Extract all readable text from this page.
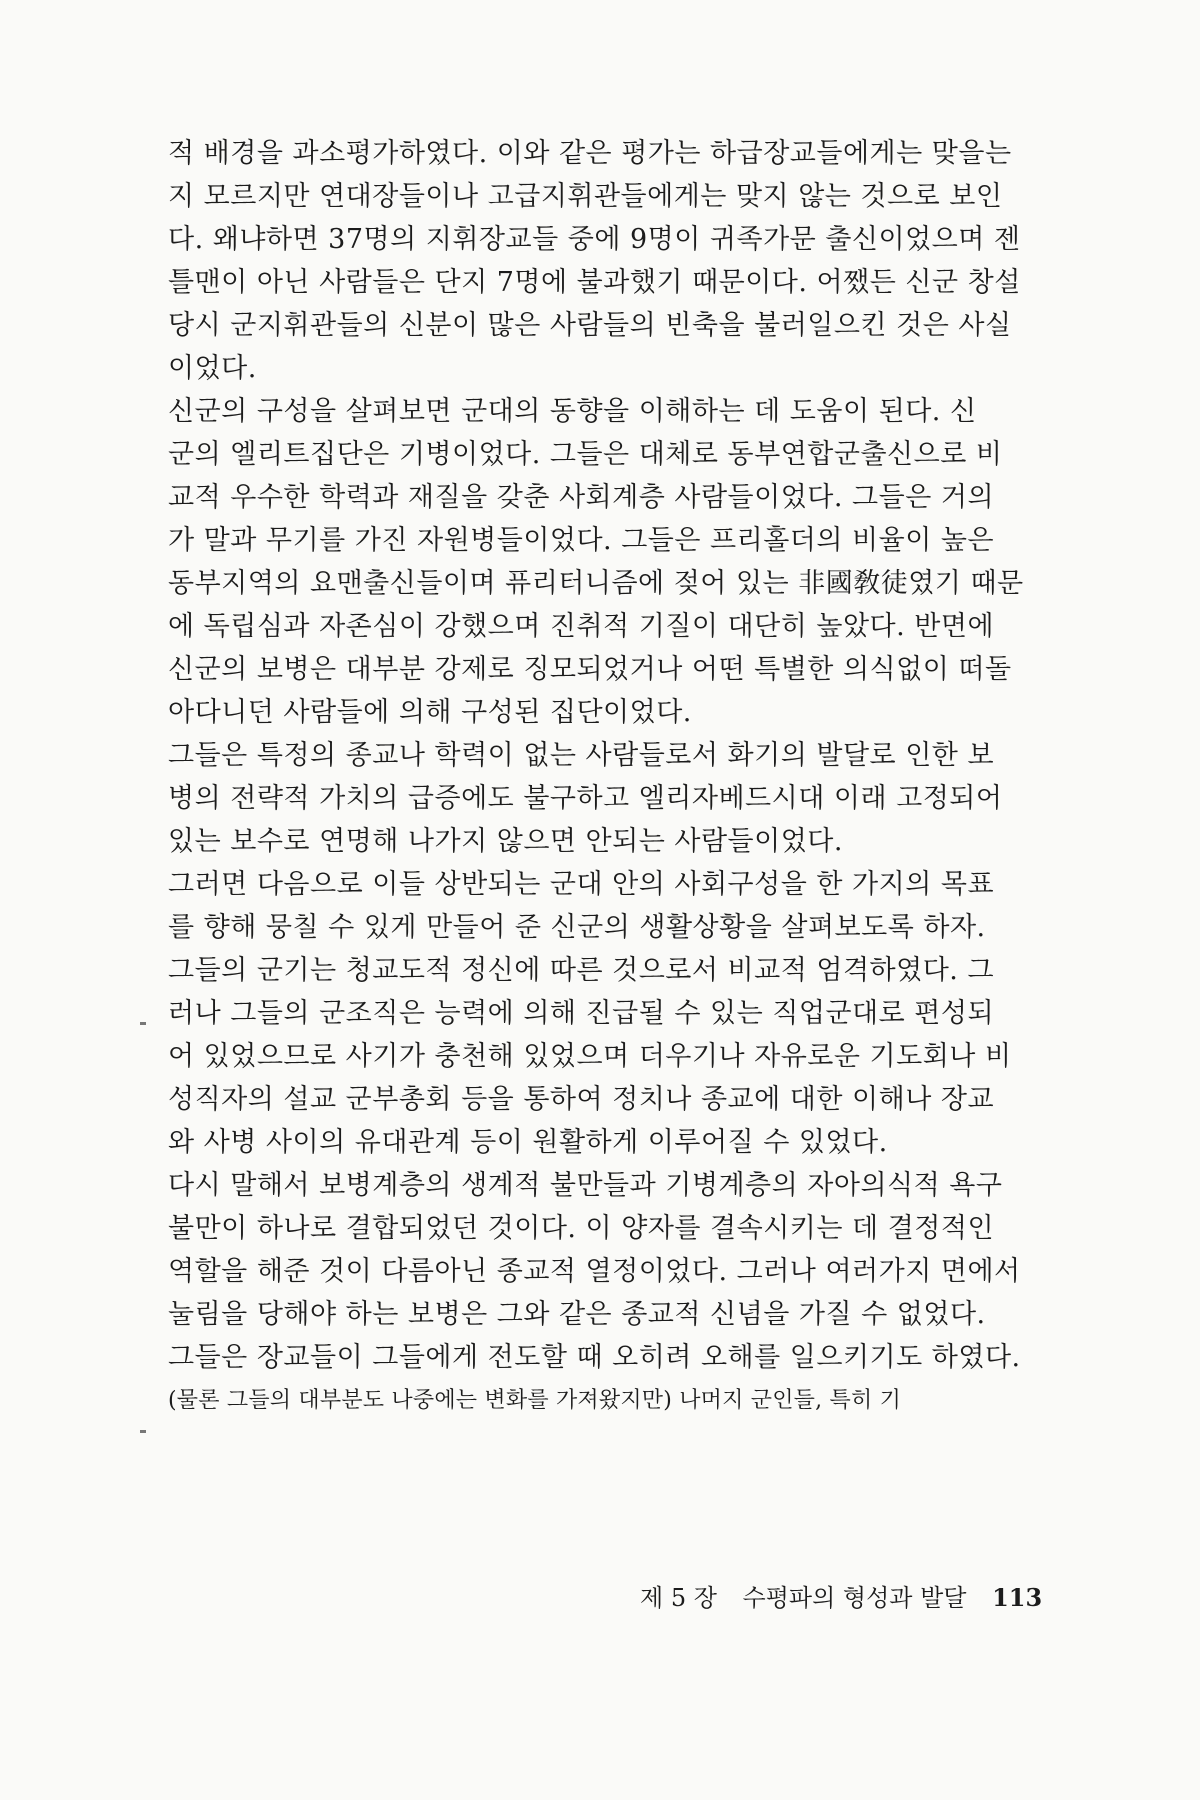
적 배경을 과소평가하였다. 이와 같은 평가는 하급장교들에게는 맞을는
지 모르지만 연대장들이나 고급지휘관들에게는 맞지 않는 것으로 보인
다. 왜냐하면 37명의 지휘장교들 중에 9명이 귀족가문 출신이었으며 젠
틀맨이 아닌 사람들은 단지 7명에 불과했기 때문이다. 어쨌든 신군 창설
당시 군지휘관들의 신분이 많은 사람들의 빈축을 불러일으킨 것은 사실
이었다.
신군의 구성을 살펴보면 군대의 동향을 이해하는 데 도움이 된다. 신
군의 엘리트집단은 기병이었다. 그들은 대체로 동부연합군출신으로 비
교적 우수한 학력과 재질을 갖춘 사회계층 사람들이었다. 그들은 거의
가 말과 무기를 가진 자원병들이었다. 그들은 프리홀더의 비율이 높은
동부지역의 요맨출신들이며 퓨리터니즘에 젖어 있는 非國敎徒였기 때문
에 독립심과 자존심이 강했으며 진취적 기질이 대단히 높았다. 반면에
신군의 보병은 대부분 강제로 징모되었거나 어떤 특별한 의식없이 떠돌
아다니던 사람들에 의해 구성된 집단이었다.
그들은 특정의 종교나 학력이 없는 사람들로서 화기의 발달로 인한 보
병의 전략적 가치의 급증에도 불구하고 엘리자베드시대 이래 고정되어
있는 보수로 연명해 나가지 않으면 안되는 사람들이었다.
그러면 다음으로 이들 상반되는 군대 안의 사회구성을 한 가지의 목표
를 향해 뭉칠 수 있게 만들어 준 신군의 생활상황을 살펴보도록 하자.
그들의 군기는 청교도적 정신에 따른 것으로서 비교적 엄격하였다. 그
러나 그들의 군조직은 능력에 의해 진급될 수 있는 직업군대로 편성되
어 있었으므로 사기가 충천해 있었으며 더우기나 자유로운 기도회나 비
성직자의 설교 군부총회 등을 통하여 정치나 종교에 대한 이해나 장교
와 사병 사이의 유대관계 등이 원활하게 이루어질 수 있었다.
다시 말해서 보병계층의 생계적 불만들과 기병계층의 자아의식적 욕구
불만이 하나로 결합되었던 것이다. 이 양자를 결속시키는 데 결정적인
역할을 해준 것이 다름아닌 종교적 열정이었다. 그러나 여러가지 면에서
눌림을 당해야 하는 보병은 그와 같은 종교적 신념을 가질 수 없었다.
그들은 장교들이 그들에게 전도할 때 오히려 오해를 일으키기도 하였다.
(물론 그들의 대부분도 나중에는 변화를 가져왔지만) 나머지 군인들, 특히 기
제 5 장 수평파의 형성과 발달 113
